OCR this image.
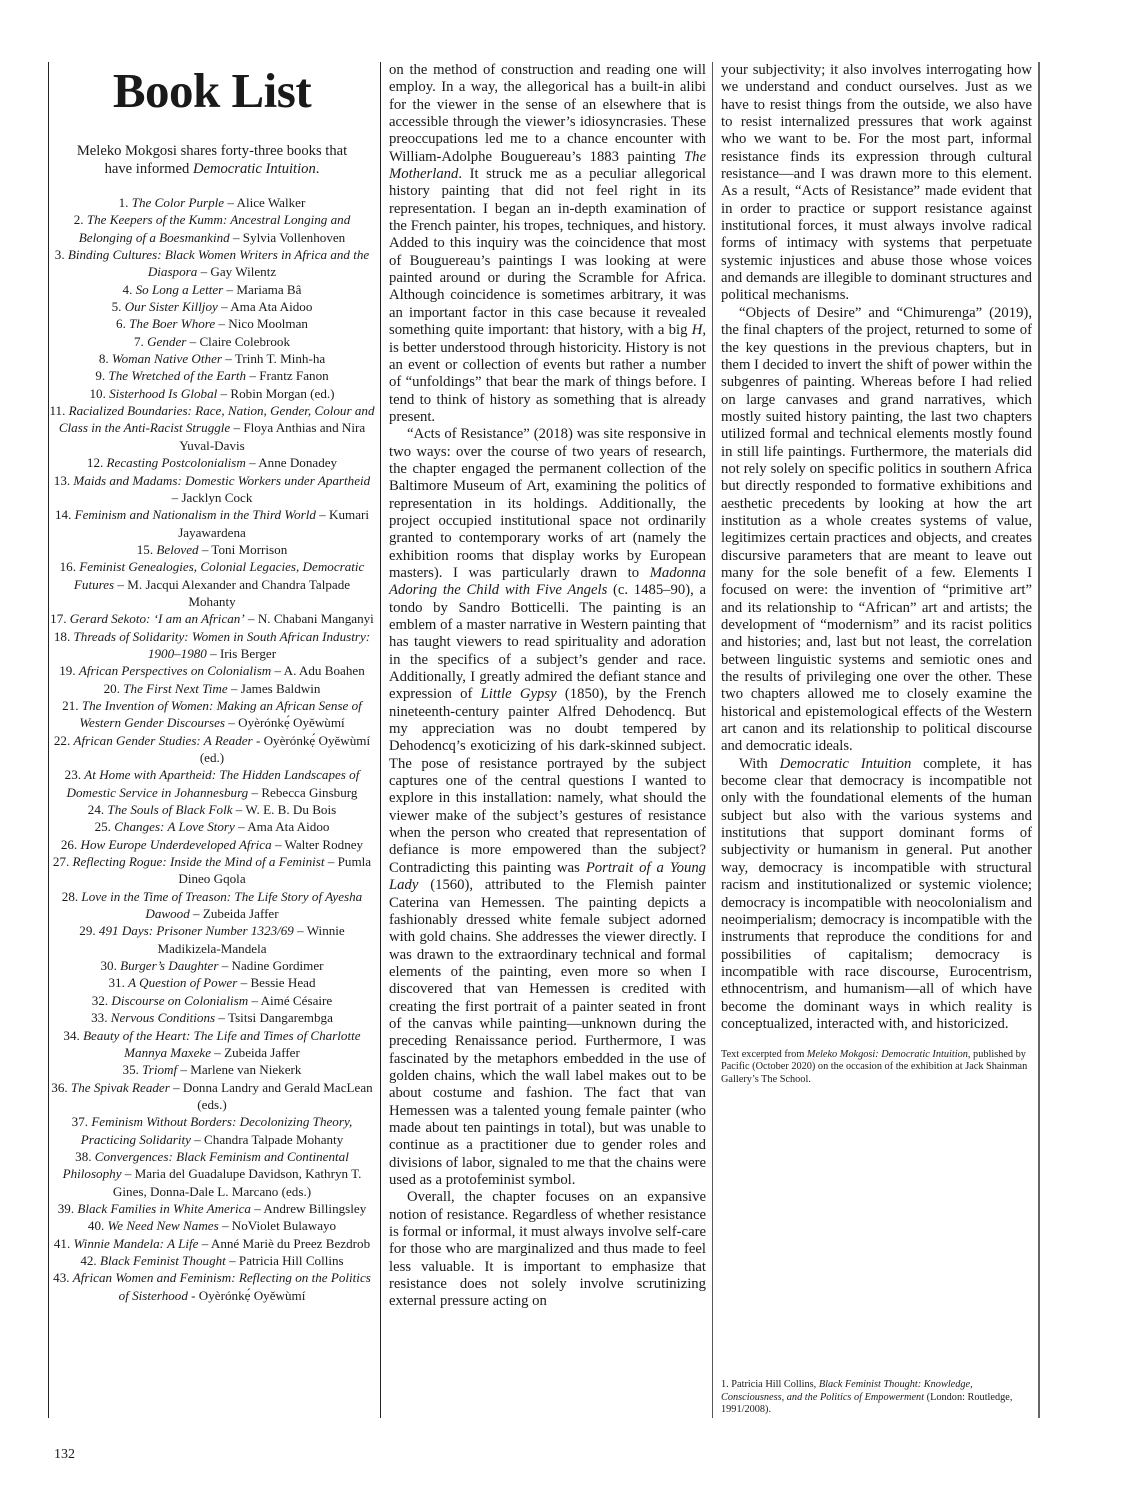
Book List
Meleko Mokgosi shares forty-three books that have informed Democratic Intuition.
1. The Color Purple – Alice Walker
2. The Keepers of the Kumm: Ancestral Longing and Belonging of a Boesmankind – Sylvia Vollenhoven
3. Binding Cultures: Black Women Writers in Africa and the Diaspora – Gay Wilentz
4. So Long a Letter – Mariama Bâ
5. Our Sister Killjoy – Ama Ata Aidoo
6. The Boer Whore – Nico Moolman
7. Gender – Claire Colebrook
8. Woman Native Other – Trinh T. Minh-ha
9. The Wretched of the Earth – Frantz Fanon
10. Sisterhood Is Global – Robin Morgan (ed.)
11. Racialized Boundaries: Race, Nation, Gender, Colour and Class in the Anti-Racist Struggle – Floya Anthias and Nira Yuval-Davis
12. Recasting Postcolonialism – Anne Donadey
13. Maids and Madams: Domestic Workers under Apartheid – Jacklyn Cock
14. Feminism and Nationalism in the Third World – Kumari Jayawardena
15. Beloved – Toni Morrison
16. Feminist Genealogies, Colonial Legacies, Democratic Futures – M. Jacqui Alexander and Chandra Talpade Mohanty
17. Gerard Sekoto: ‘I am an African’ – N. Chabani Manganyi
18. Threads of Solidarity: Women in South African Industry: 1900–1980 – Iris Berger
19. African Perspectives on Colonialism – A. Adu Boahen
20. The First Next Time – James Baldwin
21. The Invention of Women: Making an African Sense of Western Gender Discourses – Oyèrónkẹ́ Oyěwùmí
22. African Gender Studies: A Reader - Oyèrónkẹ́ Oyěwùmí (ed.)
23. At Home with Apartheid: The Hidden Landscapes of Domestic Service in Johannesburg – Rebecca Ginsburg
24. The Souls of Black Folk – W. E. B. Du Bois
25. Changes: A Love Story – Ama Ata Aidoo
26. How Europe Underdeveloped Africa – Walter Rodney
27. Reflecting Rogue: Inside the Mind of a Feminist – Pumla Dineo Gqola
28. Love in the Time of Treason: The Life Story of Ayesha Dawood – Zubeida Jaffer
29. 491 Days: Prisoner Number 1323/69 – Winnie Madikizela-Mandela
30. Burger’s Daughter – Nadine Gordimer
31. A Question of Power – Bessie Head
32. Discourse on Colonialism – Aimé Césaire
33. Nervous Conditions – Tsitsi Dangarembga
34. Beauty of the Heart: The Life and Times of Charlotte Mannya Maxeke – Zubeida Jaffer
35. Triomf – Marlene van Niekerk
36. The Spivak Reader – Donna Landry and Gerald MacLean (eds.)
37. Feminism Without Borders: Decolonizing Theory, Practicing Solidarity – Chandra Talpade Mohanty
38. Convergences: Black Feminism and Continental Philosophy – Maria del Guadalupe Davidson, Kathryn T. Gines, Donna-Dale L. Marcano (eds.)
39. Black Families in White America – Andrew Billingsley
40. We Need New Names – NoViolet Bulawayo
41. Winnie Mandela: A Life – Anné Mariè du Preez Bezdrob
42. Black Feminist Thought – Patricia Hill Collins
43. African Women and Feminism: Reflecting on the Politics of Sisterhood - Oyèrónkẹ́ Oyěwùmí

on the method of construction and reading one will employ. In a way, the allegorical has a built-in alibi for the viewer in the sense of an elsewhere that is accessible through the viewer’s idiosyncrasies. These preoccupations led me to a chance encounter with William-Adolphe Bouguereau’s 1883 painting The Motherland. It struck me as a peculiar allegorical history painting that did not feel right in its representation. I began an in-depth examination of the French painter, his tropes, techniques, and history. Added to this inquiry was the coincidence that most of Bouguereau’s paintings I was looking at were painted around or during the Scramble for Africa. Although coincidence is sometimes arbitrary, it was an important factor in this case because it revealed something quite important: that history, with a big H, is better understood through historicity. History is not an event or collection of events but rather a number of “unfoldings” that bear the mark of things before. I tend to think of history as something that is already present.

“Acts of Resistance” (2018) was site responsive in two ways: over the course of two years of research, the chapter engaged the permanent collection of the Baltimore Museum of Art, examining the politics of representation in its holdings. Additionally, the project occupied institutional space not ordinarily granted to contemporary works of art (namely the exhibition rooms that display works by European masters). I was particularly drawn to Madonna Adoring the Child with Five Angels (c. 1485–90), a tondo by Sandro Botticelli. The painting is an emblem of a master narrative in Western painting that has taught viewers to read spirituality and adoration in the specifics of a subject’s gender and race. Additionally, I greatly admired the defiant stance and expression of Little Gypsy (1850), by the French nineteenth-century painter Alfred Dehodencq. But my appreciation was no doubt tempered by Dehodencq’s exoticizing of his dark-skinned subject. The pose of resistance portrayed by the subject captures one of the central questions I wanted to explore in this installation: namely, what should the viewer make of the subject’s gestures of resistance when the person who created that representation of defiance is more empowered than the subject? Contradicting this painting was Portrait of a Young Lady (1560), attributed to the Flemish painter Caterina van Hemessen. The painting depicts a fashionably dressed white female subject adorned with gold chains. She addresses the viewer directly. I was drawn to the extraordinary technical and formal elements of the painting, even more so when I discovered that van Hemessen is credited with creating the first portrait of a painter seated in front of the canvas while painting—unknown during the preceding Renaissance period. Furthermore, I was fascinated by the metaphors embedded in the use of golden chains, which the wall label makes out to be about costume and fashion. The fact that van Hemessen was a talented young female painter (who made about ten paintings in total), but was unable to continue as a practitioner due to gender roles and divisions of labor, signaled to me that the chains were used as a protofeminist symbol.

Overall, the chapter focuses on an expansive notion of resistance. Regardless of whether resistance is formal or informal, it must always involve self-care for those who are marginalized and thus made to feel less valuable. It is important to emphasize that resistance does not solely involve scrutinizing external pressure acting on

your subjectivity; it also involves interrogating how we understand and conduct ourselves. Just as we have to resist things from the outside, we also have to resist internalized pressures that work against who we want to be. For the most part, informal resistance finds its expression through cultural resistance—and I was drawn more to this element. As a result, “Acts of Resistance” made evident that in order to practice or support resistance against institutional forces, it must always involve radical forms of intimacy with systems that perpetuate systemic injustices and abuse those whose voices and demands are illegible to dominant structures and political mechanisms.

“Objects of Desire” and “Chimurenga” (2019), the final chapters of the project, returned to some of the key questions in the previous chapters, but in them I decided to invert the shift of power within the subgenres of painting. Whereas before I had relied on large canvases and grand narratives, which mostly suited history painting, the last two chapters utilized formal and technical elements mostly found in still life paintings. Furthermore, the materials did not rely solely on specific politics in southern Africa but directly responded to formative exhibitions and aesthetic precedents by looking at how the art institution as a whole creates systems of value, legitimizes certain practices and objects, and creates discursive parameters that are meant to leave out many for the sole benefit of a few. Elements I focused on were: the invention of “primitive art” and its relationship to “African” art and artists; the development of “modernism” and its racist politics and histories; and, last but not least, the correlation between linguistic systems and semiotic ones and the results of privileging one over the other. These two chapters allowed me to closely examine the historical and epistemological effects of the Western art canon and its relationship to political discourse and democratic ideals.

With Democratic Intuition complete, it has become clear that democracy is incompatible not only with the foundational elements of the human subject but also with the various systems and institutions that support dominant forms of subjectivity or humanism in general. Put another way, democracy is incompatible with structural racism and institutionalized or systemic violence; democracy is incompatible with neocolonialism and neoimperialism; democracy is incompatible with the instruments that reproduce the conditions for and possibilities of capitalism; democracy is incompatible with race discourse, Eurocentrism, ethnocentrism, and humanism—all of which have become the dominant ways in which reality is conceptualized, interacted with, and historicized.

Text excerpted from Meleko Mokgosi: Democratic Intuition, published by Pacific (October 2020) on the occasion of the exhibition at Jack Shainman Gallery’s The School.
1. Patricia Hill Collins, Black Feminist Thought: Knowledge, Consciousness, and the Politics of Empowerment (London: Routledge, 1991/2008).
132
